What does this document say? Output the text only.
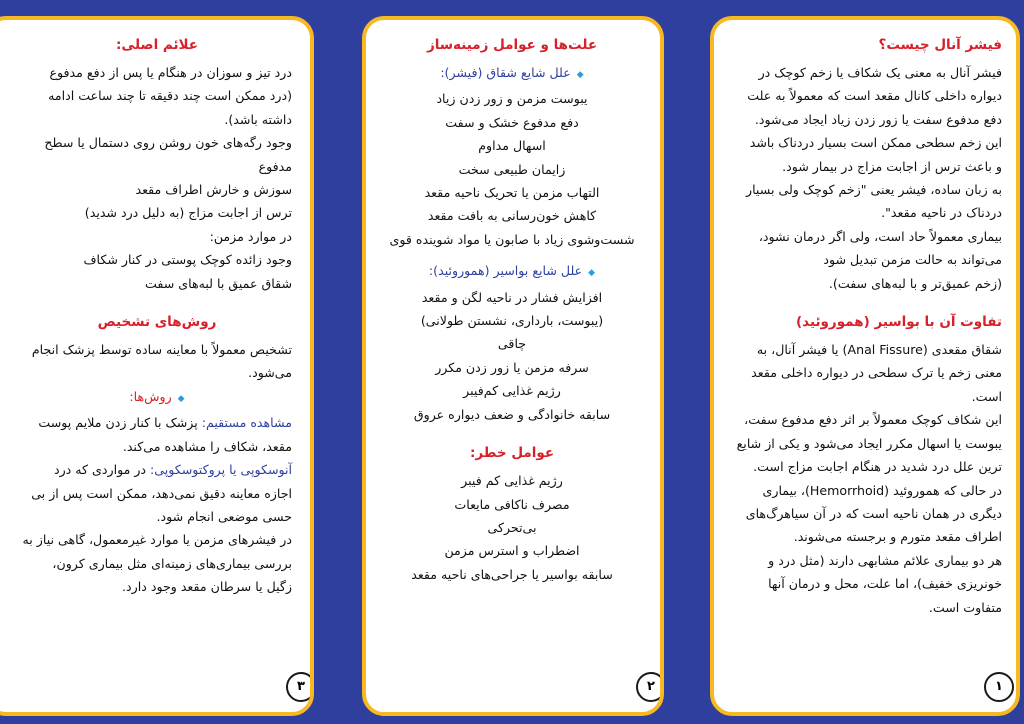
فیشر آنال چیست؟
فیشر آنال به معنی یک شکاف یا زخم کوچک در
دیواره داخلی کانال مقعد است که معمولاً به علت
دفع مدفوع سفت یا زور زدن زیاد ایجاد می‌شود.
این زخم سطحی ممکن است بسیار دردناک باشد
و باعث ترس از اجابت مزاج در بیمار شود.
به زبان ساده، فیشر یعنی "زخم کوچک ولی بسیار
دردناک در ناحیه مقعد".
بیماری معمولاً حاد است، ولی اگر درمان نشود،
می‌تواند به حالت مزمن تبدیل شود
(زخم عمیق‌تر و با لبه‌های سفت).
تفاوت آن با بواسیر (هموروئید)
شقاق مقعدی (Anal Fissure) یا فیشر آنال، به
معنی زخم یا ترک سطحی در دیواره داخلی مقعد
است.
این شکاف کوچک معمولاً بر اثر دفع مدفوع سفت،
یبوست یا اسهال مکرر ایجاد می‌شود و یکی از شایع
ترین علل درد شدید در هنگام اجابت مزاج است.
در حالی که هموروئید (Hemorrhoid)، بیماری
دیگری در همان ناحیه است که در آن سیاهرگ‌های
اطراف مقعد متورم و برجسته می‌شوند.
هر دو بیماری علائم مشابهی دارند (مثل درد و
خونریزی خفیف)، اما علت، محل و درمان آنها
متفاوت است.
۱
علت‌ها و عوامل زمینه‌ساز
◆علل شایع شقاق (فیشر):
یبوست مزمن و زور زدن زیاد
دفع مدفوع خشک و سفت
اسهال مداوم
زایمان طبیعی سخت
التهاب مزمن یا تحریک ناحیه مقعد
کاهش خون‌رسانی به بافت مقعد
شست‌وشوی زیاد با صابون یا مواد شوینده قوی
◆علل شایع بواسیر (هموروئید):
افزایش فشار در ناحیه لگن و مقعد
(یبوست، بارداری، نشستن طولانی)
چاقی
سرفه مزمن یا زور زدن مکرر
رژیم غذایی کم‌فیبر
سابقه خانوادگی و ضعف دیواره عروق
عوامل خطر:
رژیم غذایی کم فیبر
مصرف ناکافی مایعات
بی‌تحرکی
اضطراب و استرس مزمن
سابقه بواسیر یا جراحی‌های ناحیه مقعد
۲
علائم اصلی:
درد تیز و سوزان در هنگام یا پس از دفع مدفوع
(درد ممکن است چند دقیقه تا چند ساعت ادامه
داشته باشد).
وجود رگه‌های خون روشن روی دستمال یا سطح
مدفوع
سوزش و خارش اطراف مقعد
ترس از اجابت مزاج (به دلیل درد شدید)
در موارد مزمن:
وجود زائده کوچک پوستی در کنار شکاف
شقاق عمیق با لبه‌های سفت
روش‌های تشخیص
تشخیص معمولاً با معاینه ساده توسط پزشک انجام
می‌شود.
◆روش‌ها:
مشاهده مستقیم: پزشک با کنار زدن ملایم پوست
مقعد، شکاف را مشاهده می‌کند.
آنوسکوپی یا پروکتوسکوپی: در مواردی که درد
اجازه معاینه دقیق نمی‌دهد، ممکن است پس از بی
حسی موضعی انجام شود.
در فیشرهای مزمن یا موارد غیرمعمول، گاهی نیاز به
بررسی بیماری‌های زمینه‌ای مثل بیماری کرون،
زگیل یا سرطان مقعد وجود دارد.
۳
